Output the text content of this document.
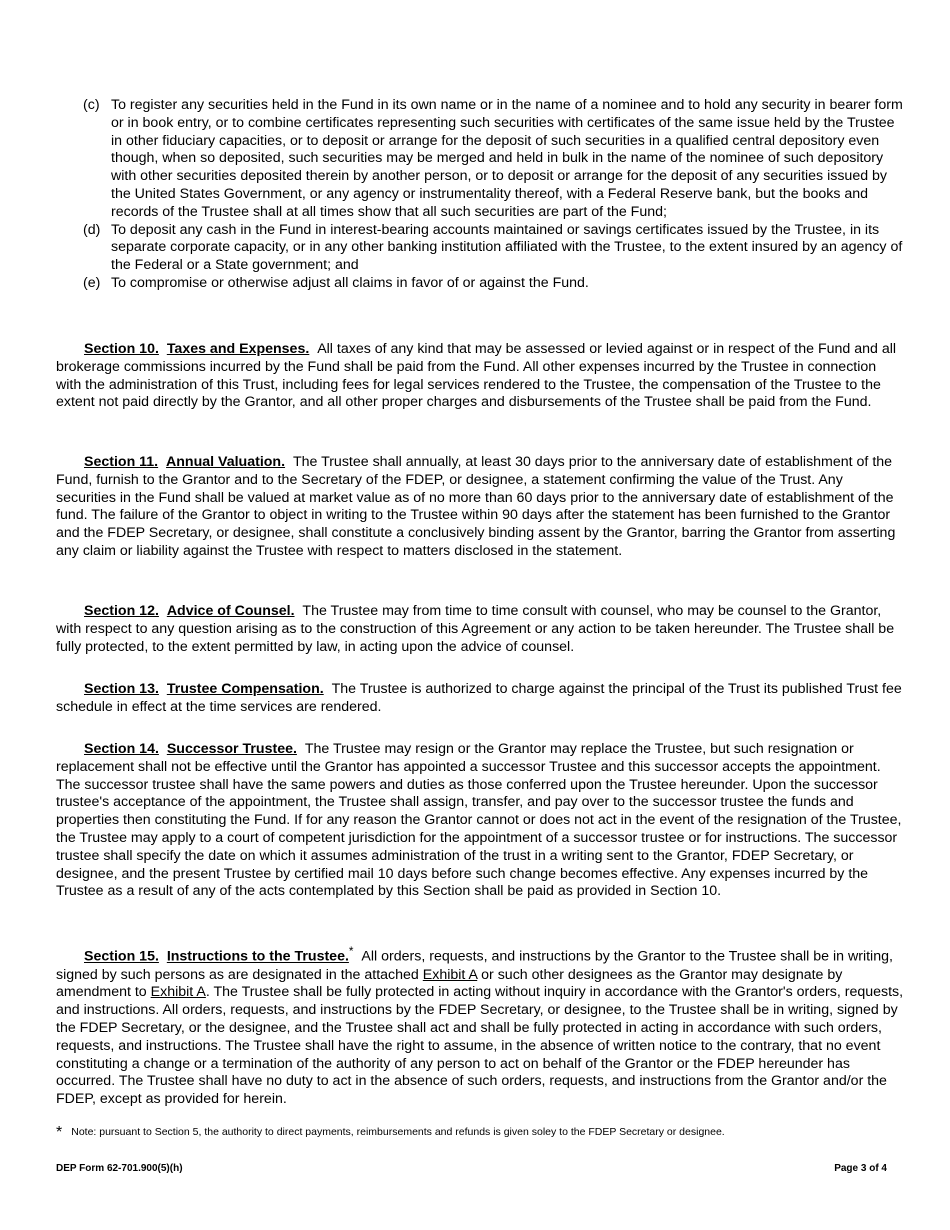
(c) To register any securities held in the Fund in its own name or in the name of a nominee and to hold any security in bearer form or in book entry, or to combine certificates representing such securities with certificates of the same issue held by the Trustee in other fiduciary capacities, or to deposit or arrange for the deposit of such securities in a qualified central depository even though, when so deposited, such securities may be merged and held in bulk in the name of the nominee of such depository with other securities deposited therein by another person, or to deposit or arrange for the deposit of any securities issued by the United States Government, or any agency or instrumentality thereof, with a Federal Reserve bank, but the books and records of the Trustee shall at all times show that all such securities are part of the Fund;
(d) To deposit any cash in the Fund in interest-bearing accounts maintained or savings certificates issued by the Trustee, in its separate corporate capacity, or in any other banking institution affiliated with the Trustee, to the extent insured by an agency of the Federal or a State government; and
(e) To compromise or otherwise adjust all claims in favor of or against the Fund.
Section 10. Taxes and Expenses. All taxes of any kind that may be assessed or levied against or in respect of the Fund and all brokerage commissions incurred by the Fund shall be paid from the Fund. All other expenses incurred by the Trustee in connection with the administration of this Trust, including fees for legal services rendered to the Trustee, the compensation of the Trustee to the extent not paid directly by the Grantor, and all other proper charges and disbursements of the Trustee shall be paid from the Fund.
Section 11. Annual Valuation. The Trustee shall annually, at least 30 days prior to the anniversary date of establishment of the Fund, furnish to the Grantor and to the Secretary of the FDEP, or designee, a statement confirming the value of the Trust. Any securities in the Fund shall be valued at market value as of no more than 60 days prior to the anniversary date of establishment of the fund. The failure of the Grantor to object in writing to the Trustee within 90 days after the statement has been furnished to the Grantor and the FDEP Secretary, or designee, shall constitute a conclusively binding assent by the Grantor, barring the Grantor from asserting any claim or liability against the Trustee with respect to matters disclosed in the statement.
Section 12. Advice of Counsel. The Trustee may from time to time consult with counsel, who may be counsel to the Grantor, with respect to any question arising as to the construction of this Agreement or any action to be taken hereunder. The Trustee shall be fully protected, to the extent permitted by law, in acting upon the advice of counsel.
Section 13. Trustee Compensation. The Trustee is authorized to charge against the principal of the Trust its published Trust fee schedule in effect at the time services are rendered.
Section 14. Successor Trustee. The Trustee may resign or the Grantor may replace the Trustee, but such resignation or replacement shall not be effective until the Grantor has appointed a successor Trustee and this successor accepts the appointment. The successor trustee shall have the same powers and duties as those conferred upon the Trustee hereunder. Upon the successor trustee's acceptance of the appointment, the Trustee shall assign, transfer, and pay over to the successor trustee the funds and properties then constituting the Fund. If for any reason the Grantor cannot or does not act in the event of the resignation of the Trustee, the Trustee may apply to a court of competent jurisdiction for the appointment of a successor trustee or for instructions. The successor trustee shall specify the date on which it assumes administration of the trust in a writing sent to the Grantor, FDEP Secretary, or designee, and the present Trustee by certified mail 10 days before such change becomes effective. Any expenses incurred by the Trustee as a result of any of the acts contemplated by this Section shall be paid as provided in Section 10.
Section 15. Instructions to the Trustee.* All orders, requests, and instructions by the Grantor to the Trustee shall be in writing, signed by such persons as are designated in the attached Exhibit A or such other designees as the Grantor may designate by amendment to Exhibit A. The Trustee shall be fully protected in acting without inquiry in accordance with the Grantor's orders, requests, and instructions. All orders, requests, and instructions by the FDEP Secretary, or designee, to the Trustee shall be in writing, signed by the FDEP Secretary, or the designee, and the Trustee shall act and shall be fully protected in acting in accordance with such orders, requests, and instructions. The Trustee shall have the right to assume, in the absence of written notice to the contrary, that no event constituting a change or a termination of the authority of any person to act on behalf of the Grantor or the FDEP hereunder has occurred. The Trustee shall have no duty to act in the absence of such orders, requests, and instructions from the Grantor and/or the FDEP, except as provided for herein.
* Note: pursuant to Section 5, the authority to direct payments, reimbursements and refunds is given soley to the FDEP Secretary or designee.
DEP Form 62-701.900(5)(h)	Page 3 of 4
